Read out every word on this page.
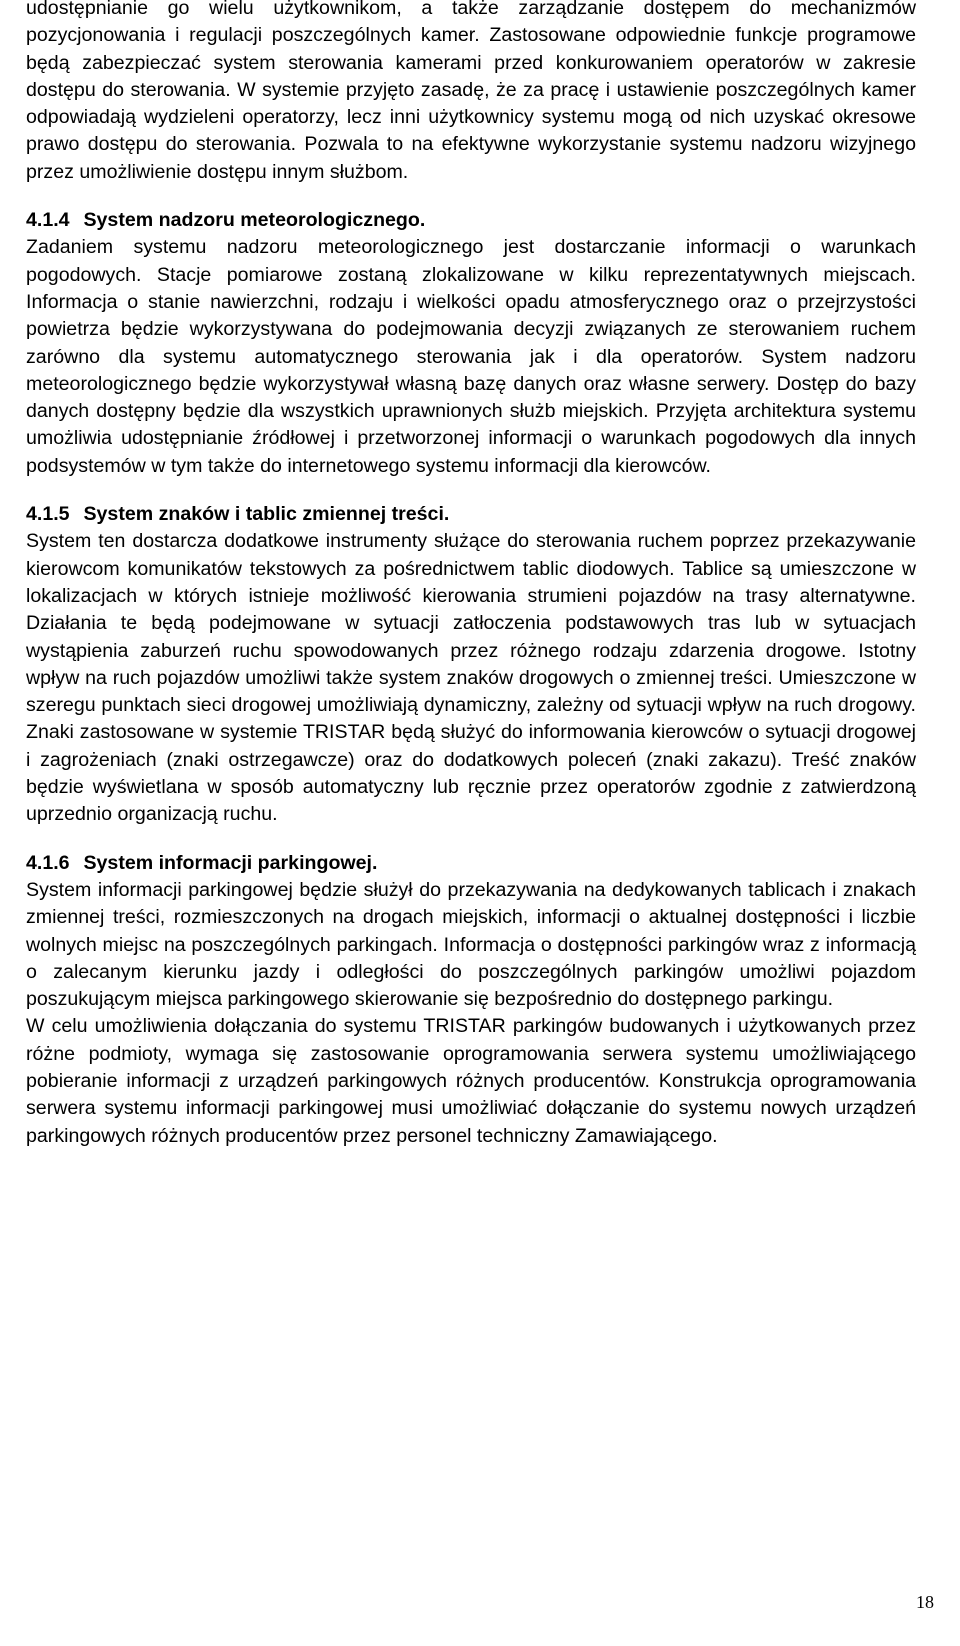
udostępnianie go wielu użytkownikom, a także zarządzanie dostępem do mechanizmów pozycjonowania i regulacji poszczególnych kamer. Zastosowane odpowiednie funkcje programowe będą zabezpieczać system sterowania kamerami przed konkurowaniem operatorów w zakresie dostępu do sterowania. W systemie przyjęto zasadę, że za pracę i ustawienie poszczególnych kamer odpowiadają wydzieleni operatorzy, lecz inni użytkownicy systemu mogą od nich uzyskać okresowe prawo dostępu do sterowania. Pozwala to na efektywne wykorzystanie systemu nadzoru wizyjnego przez umożliwienie dostępu innym służbom.

4.1.4 System nadzoru meteorologicznego.

Zadaniem systemu nadzoru meteorologicznego jest dostarczanie informacji o warunkach pogodowych. Stacje pomiarowe zostaną zlokalizowane w kilku reprezentatywnych miejscach. Informacja o stanie nawierzchni, rodzaju i wielkości opadu atmosferycznego oraz o przejrzystości powietrza będzie wykorzystywana do podejmowania decyzji związanych ze sterowaniem ruchem zarówno dla systemu automatycznego sterowania jak i dla operatorów. System nadzoru meteorologicznego będzie wykorzystywał własną bazę danych oraz własne serwery. Dostęp do bazy danych dostępny będzie dla wszystkich uprawnionych służb miejskich. Przyjęta architektura systemu umożliwia udostępnianie źródłowej i przetworzonej informacji o warunkach pogodowych dla innych podsystemów w tym także do internetowego systemu informacji dla kierowców.

4.1.5 System znaków i tablic zmiennej treści.

System ten dostarcza dodatkowe instrumenty służące do sterowania ruchem poprzez przekazywanie kierowcom komunikatów tekstowych za pośrednictwem tablic diodowych. Tablice są umieszczone w lokalizacjach w których istnieje możliwość kierowania strumieni pojazdów na trasy alternatywne. Działania te będą podejmowane w sytuacji zatłoczenia podstawowych tras lub w sytuacjach wystąpienia zaburzeń ruchu spowodowanych przez różnego rodzaju zdarzenia drogowe. Istotny wpływ na ruch pojazdów umożliwi także system znaków drogowych o zmiennej treści. Umieszczone w szeregu punktach sieci drogowej umożliwiają dynamiczny, zależny od sytuacji wpływ na ruch drogowy. Znaki zastosowane w systemie TRISTAR będą służyć do informowania kierowców o sytuacji drogowej i zagrożeniach (znaki ostrzegawcze) oraz do dodatkowych poleceń (znaki zakazu). Treść znaków będzie wyświetlana w sposób automatyczny lub ręcznie przez operatorów zgodnie z zatwierdzoną uprzednio organizacją ruchu.

4.1.6 System informacji parkingowej.

System informacji parkingowej będzie służył do przekazywania na dedykowanych tablicach i znakach zmiennej treści, rozmieszczonych na drogach miejskich, informacji o aktualnej dostępności i liczbie wolnych miejsc na poszczególnych parkingach. Informacja o dostępności parkingów wraz z informacją o zalecanym kierunku jazdy i odległości do poszczególnych parkingów umożliwi pojazdom poszukującym miejsca parkingowego skierowanie się bezpośrednio do dostępnego parkingu.

W celu umożliwienia dołączania do systemu TRISTAR parkingów budowanych i użytkowanych przez różne podmioty, wymaga się zastosowanie oprogramowania serwera systemu umożliwiającego pobieranie informacji z urządzeń parkingowych różnych producentów. Konstrukcja oprogramowania serwera systemu informacji parkingowej musi umożliwiać dołączanie do systemu nowych urządzeń parkingowych różnych producentów przez personel techniczny Zamawiającego.

18
